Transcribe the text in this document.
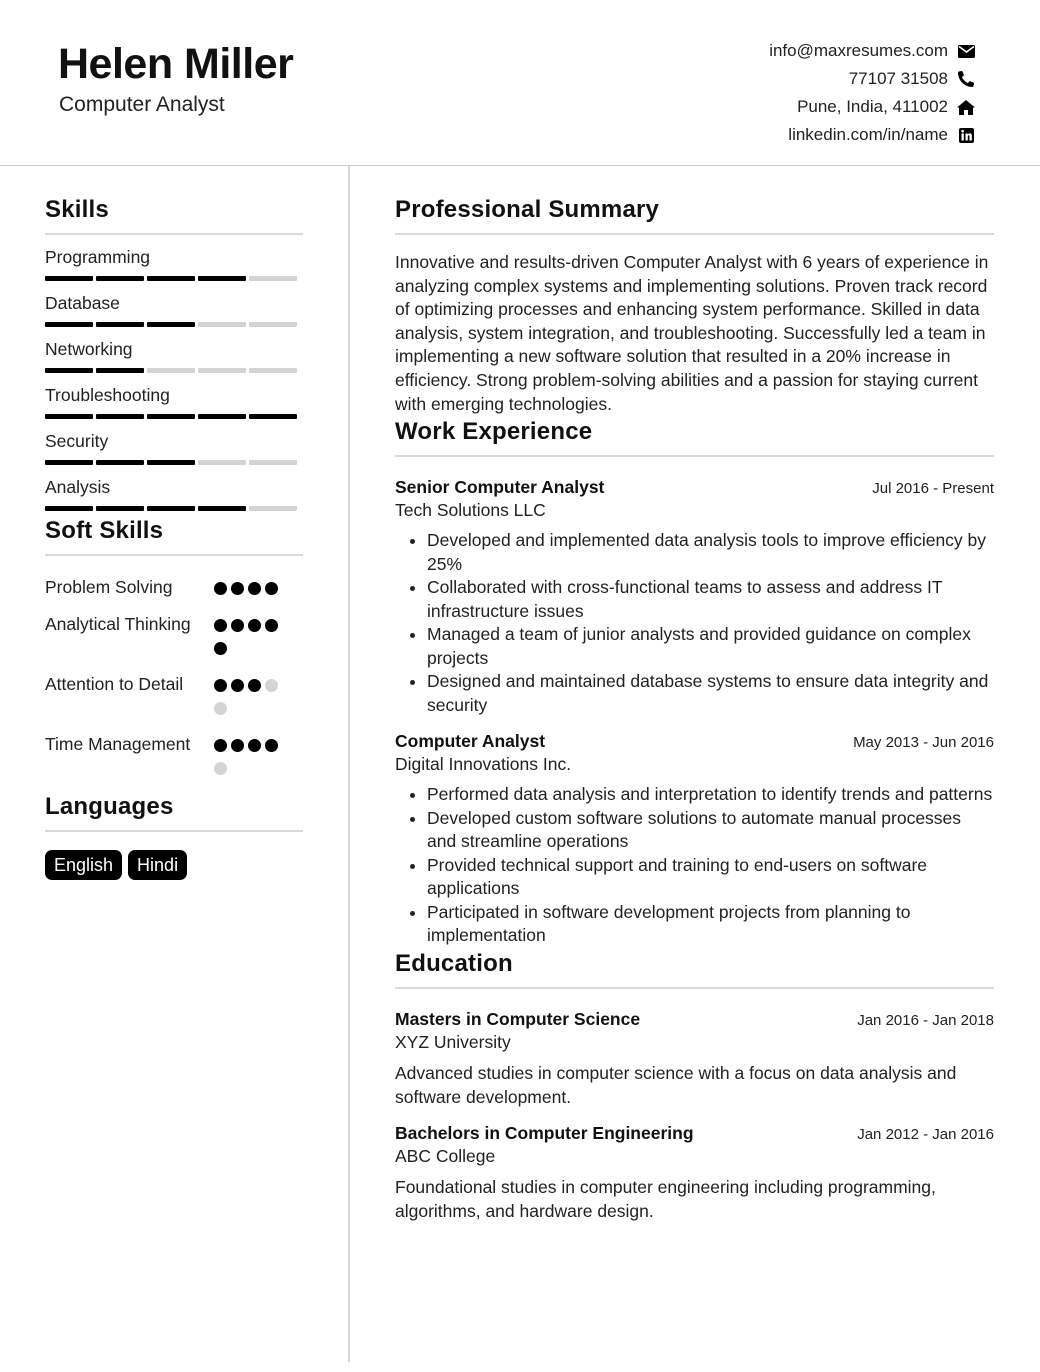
Helen Miller
Computer Analyst
info@maxresumes.com
77107 31508
Pune, India, 411002
linkedin.com/in/name
Skills
Programming
Database
Networking
Troubleshooting
Security
Analysis
Soft Skills
Problem Solving
Analytical Thinking
Attention to Detail
Time Management
Languages
English	Hindi
Professional Summary
Innovative and results-driven Computer Analyst with 6 years of experience in analyzing complex systems and implementing solutions. Proven track record of optimizing processes and enhancing system performance. Skilled in data analysis, system integration, and troubleshooting. Successfully led a team in implementing a new software solution that resulted in a 20% increase in efficiency. Strong problem-solving abilities and a passion for staying current with emerging technologies.
Work Experience
Senior Computer Analyst	Jul 2016 - Present
Tech Solutions LLC
• Developed and implemented data analysis tools to improve efficiency by 25%
• Collaborated with cross-functional teams to assess and address IT infrastructure issues
• Managed a team of junior analysts and provided guidance on complex projects
• Designed and maintained database systems to ensure data integrity and security
Computer Analyst	May 2013 - Jun 2016
Digital Innovations Inc.
• Performed data analysis and interpretation to identify trends and patterns
• Developed custom software solutions to automate manual processes and streamline operations
• Provided technical support and training to end-users on software applications
• Participated in software development projects from planning to implementation
Education
Masters in Computer Science	Jan 2016 - Jan 2018
XYZ University
Advanced studies in computer science with a focus on data analysis and software development.
Bachelors in Computer Engineering	Jan 2012 - Jan 2016
ABC College
Foundational studies in computer engineering including programming, algorithms, and hardware design.
